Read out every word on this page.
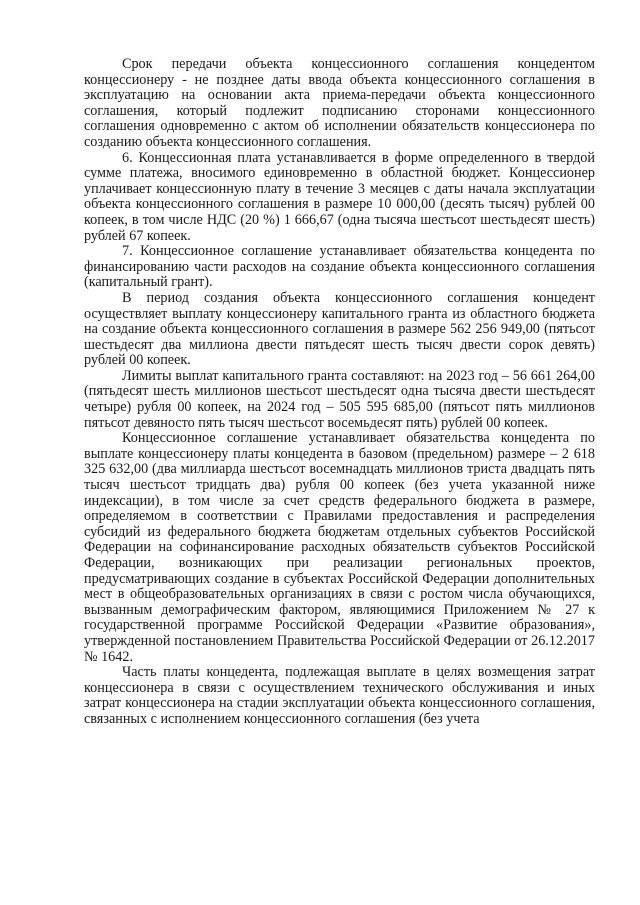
Срок передачи объекта концессионного соглашения концедентом концессионеру - не позднее даты ввода объекта концессионного соглашения в эксплуатацию на основании акта приема-передачи объекта концессионного соглашения, который подлежит подписанию сторонами концессионного соглашения одновременно с актом об исполнении обязательств концессионера по созданию объекта концессионного соглашения.

6. Концессионная плата устанавливается в форме определенного в твердой сумме платежа, вносимого единовременно в областной бюджет. Концессионер уплачивает концессионную плату в течение 3 месяцев с даты начала эксплуатации объекта концессионного соглашения в размере 10 000,00 (десять тысяч) рублей 00 копеек, в том числе НДС (20 %) 1 666,67 (одна тысяча шестьсот шестьдесят шесть) рублей 67 копеек.

7. Концессионное соглашение устанавливает обязательства концедента по финансированию части расходов на создание объекта концессионного соглашения (капитальный грант).

В период создания объекта концессионного соглашения концедент осуществляет выплату концессионеру капитального гранта из областного бюджета на создание объекта концессионного соглашения в размере 562 256 949,00 (пятьсот шестьдесят два миллиона двести пятьдесят шесть тысяч двести сорок девять) рублей 00 копеек.

Лимиты выплат капитального гранта составляют: на 2023 год – 56 661 264,00 (пятьдесят шесть миллионов шестьсот шестьдесят одна тысяча двести шестьдесят четыре) рубля 00 копеек, на 2024 год – 505 595 685,00 (пятьсот пять миллионов пятьсот девяносто пять тысяч шестьсот восемьдесят пять) рублей 00 копеек.

Концессионное соглашение устанавливает обязательства концедента по выплате концессионеру платы концедента в базовом (предельном) размере – 2 618 325 632,00 (два миллиарда шестьсот восемнадцать миллионов триста двадцать пять тысяч шестьсот тридцать два) рубля 00 копеек (без учета указанной ниже индексации), в том числе за счет средств федерального бюджета в размере, определяемом в соответствии с Правилами предоставления и распределения субсидий из федерального бюджета бюджетам отдельных субъектов Российской Федерации на софинансирование расходных обязательств субъектов Российской Федерации, возникающих при реализации региональных проектов, предусматривающих создание в субъектах Российской Федерации дополнительных мест в общеобразовательных организациях в связи с ростом числа обучающихся, вызванным демографическим фактором, являющимися Приложением № 27 к государственной программе Российской Федерации «Развитие образования», утвержденной постановлением Правительства Российской Федерации от 26.12.2017 № 1642.

Часть платы концедента, подлежащая выплате в целях возмещения затрат концессионера в связи с осуществлением технического обслуживания и иных затрат концессионера на стадии эксплуатации объекта концессионного соглашения, связанных с исполнением концессионного соглашения (без учета
